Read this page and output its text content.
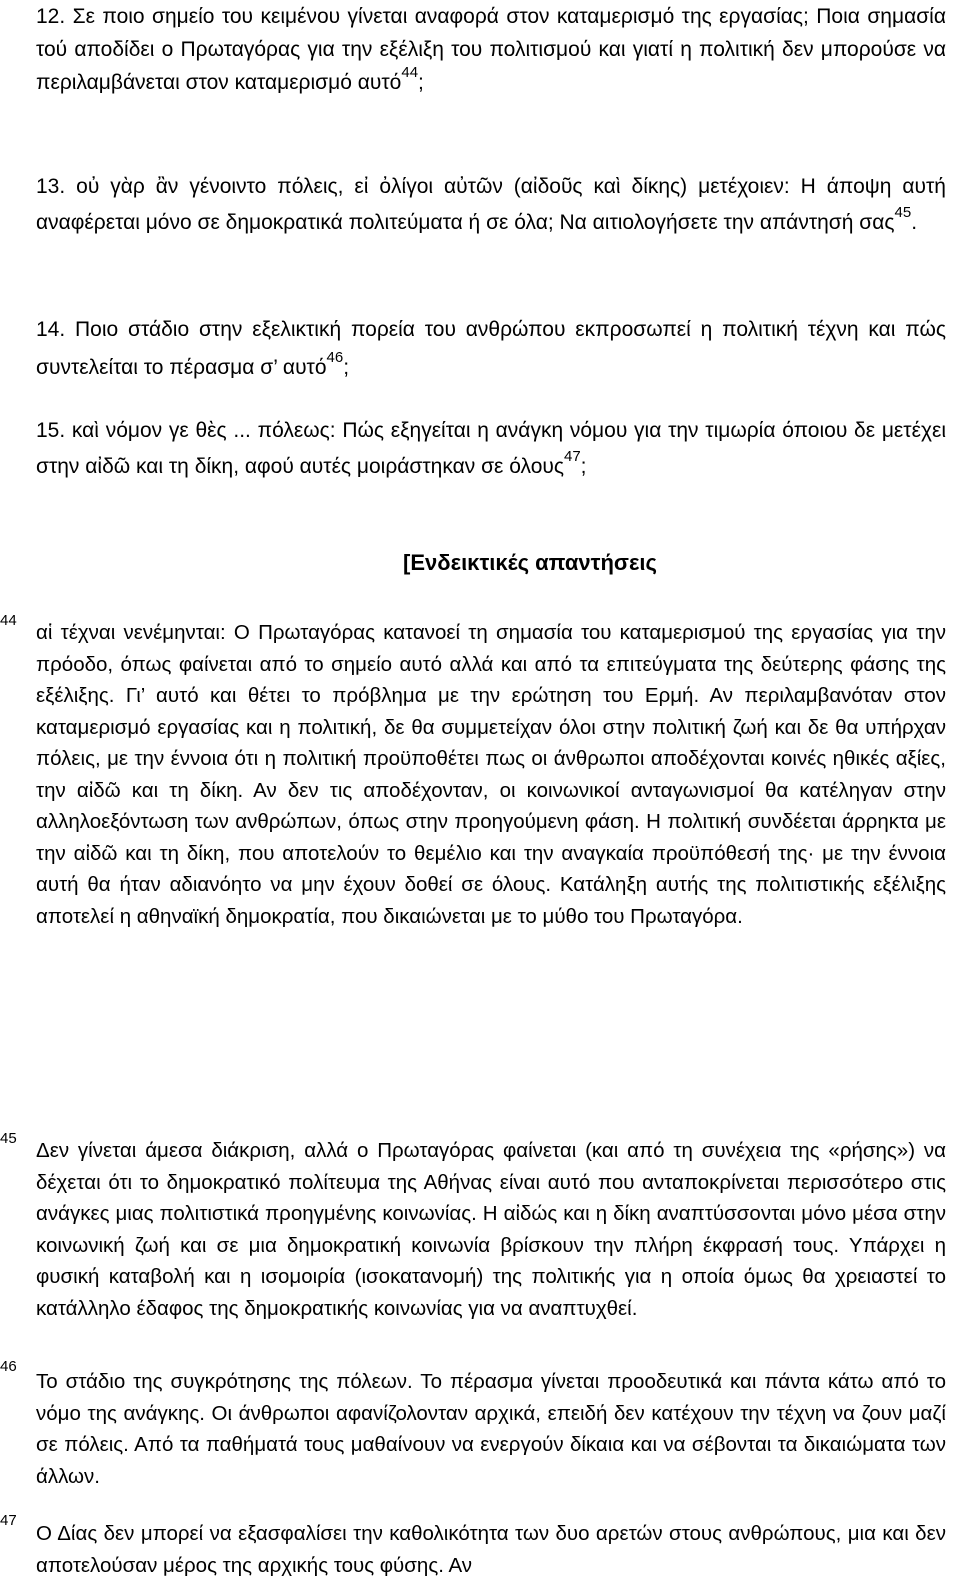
12. Σε ποιο σημείο του κειμένου γίνεται αναφορά στον καταμερισμό της εργασίας; Ποια σημασία τού αποδίδει ο Πρωταγόρας για την εξέλιξη του πολιτισμού και γιατί η πολιτική δεν μπορούσε να περιλαμβάνεται στον καταμερισμό αυτό$^{44}$;
13. οὐ γὰρ ἂν γένοιντο πόλεις, εἰ ὀλίγοι αὐτῶν (αἰδοῦς καὶ δίκης) μετέχοιεν: Η άποψη αυτή αναφέρεται μόνο σε δημοκρατικά πολιτεύματα ή σε όλα; Να αιτιολογήσετε την απάντησή σας$^{45}$.
14. Ποιο στάδιο στην εξελικτική πορεία του ανθρώπου εκπροσωπεί η πολιτική τέχνη και πώς συντελείται το πέρασμα σ’ αυτό$^{46}$;
15. καὶ νόμον γε θὲς ... πόλεως: Πώς εξηγείται η ανάγκη νόμου για την τιμωρία όποιου δε μετέχει στην αἰδῶ και τη δίκη, αφού αυτές μοιράστηκαν σε όλους$^{47}$;
[Ενδεικτικές απαντήσεις
44
αἱ τέχναι νενέμηνται: Ο Πρωταγόρας κατανοεί τη σημασία του καταμερισμού της εργασίας για την πρόοδο, όπως φαίνεται από το σημείο αυτό αλλά και από τα επιτεύγματα της δεύτερης φάσης της εξέλιξης. Γι’ αυτό και θέτει το πρόβλημα με την ερώτηση του Ερμή. Αν περιλαμβανόταν στον καταμερισμό εργασίας και η πολιτική, δε θα συμμετείχαν όλοι στην πολιτική ζωή και δε θα υπήρχαν πόλεις, με την έννοια ότι η πολιτική προϋποθέτει πως οι άνθρωποι αποδέχονται κοινές ηθικές αξίες, την αἰδῶ και τη δίκη. Αν δεν τις αποδέχονταν, οι κοινωνικοί ανταγωνισμοί θα κατέληγαν στην αλληλοεξόντωση των ανθρώπων, όπως στην προηγούμενη φάση. Η πολιτική συνδέεται άρρηκτα με την αἰδῶ και τη δίκη, που αποτελούν το θεμέλιο και την αναγκαία προϋπόθεσή της· με την έννοια αυτή θα ήταν αδιανόητο να μην έχουν δοθεί σε όλους. Κατάληξη αυτής της πολιτιστικής εξέλιξης αποτελεί η αθηναϊκή δημοκρατία, που δικαιώνεται με το μύθο του Πρωταγόρα.
45
Δεν γίνεται άμεσα διάκριση, αλλά ο Πρωταγόρας φαίνεται (και από τη συνέχεια της «ρήσης») να δέχεται ότι το δημοκρατικό πολίτευμα της Αθήνας είναι αυτό που ανταποκρίνεται περισσότερο στις ανάγκες μιας πολιτιστικά προηγμένης κοινωνίας. Η αἰδώς και η δίκη αναπτύσσονται μόνο μέσα στην κοινωνική ζωή και σε μια δημοκρατική κοινωνία βρίσκουν την πλήρη έκφρασή τους. Υπάρχει η φυσική καταβολή και η ισομοιρία (ισοκατανομή) της πολιτικής για η οποία όμως θα χρειαστεί το κατάλληλο έδαφος της δημοκρατικής κοινωνίας για να αναπτυχθεί.
46
Το στάδιο της συγκρότησης της πόλεων. Το πέρασμα γίνεται προοδευτικά και πάντα κάτω από το νόμο της ανάγκης. Οι άνθρωποι αφανίζολονταν αρχικά, επειδή δεν κατέχουν την τέχνη να ζουν μαζί σε πόλεις. Από τα παθήματά τους μαθαίνουν να ενεργούν δίκαια και να σέβονται τα δικαιώματα των άλλων.
47
Ο Δίας δεν μπορεί να εξασφαλίσει την καθολικότητα των δυο αρετών στους ανθρώπους, μια και δεν αποτελούσαν μέρος της αρχικής τους φύσης. Αν
